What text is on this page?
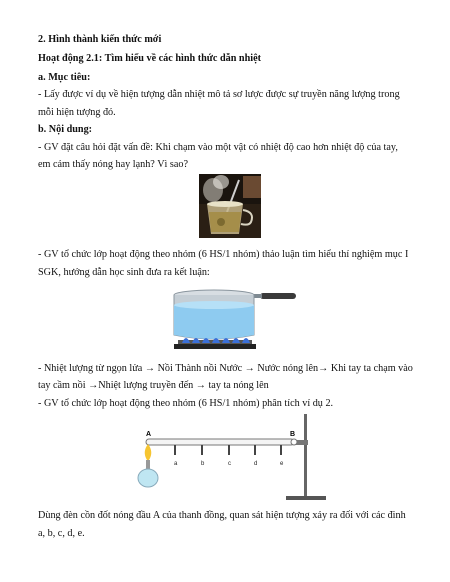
2. Hình thành kiến thức mới
Hoạt động 2.1: Tìm hiểu về các hình thức dẫn nhiệt
a. Mục tiêu:
- Lấy được ví dụ về hiện tượng dẫn nhiệt mô tả sơ lược được sự truyền năng lượng trong
mỗi hiện tượng đó.
b. Nội dung:
- GV đặt câu hỏi đặt vấn đề: Khi chạm vào một vật có nhiệt độ cao hơn nhiệt độ của tay,
em cảm thấy nóng hay lạnh? Vì sao?
- GV tổ chức lớp hoạt động theo nhóm (6 HS/1 nhóm) thảo luận tìm hiểu thí nghiệm mục I
SGK, hướng dẫn học sinh đưa ra kết luận:
- Nhiệt lượng từ ngọn lửa → Nồi Thành nồi Nước → Nước nóng lên→ Khi tay ta chạm vào
tay cầm nồi →Nhiệt lượng truyền đến → tay ta nóng lên
- GV tổ chức lớp hoạt động theo nhóm (6 HS/1 nhóm) phân tích ví dụ 2.
A	B
a	b	c	d	e
Dùng đèn cồn đốt nóng đầu A của thanh đồng, quan sát hiện tượng xảy ra đối với các đinh
a, b, c, d, e.
